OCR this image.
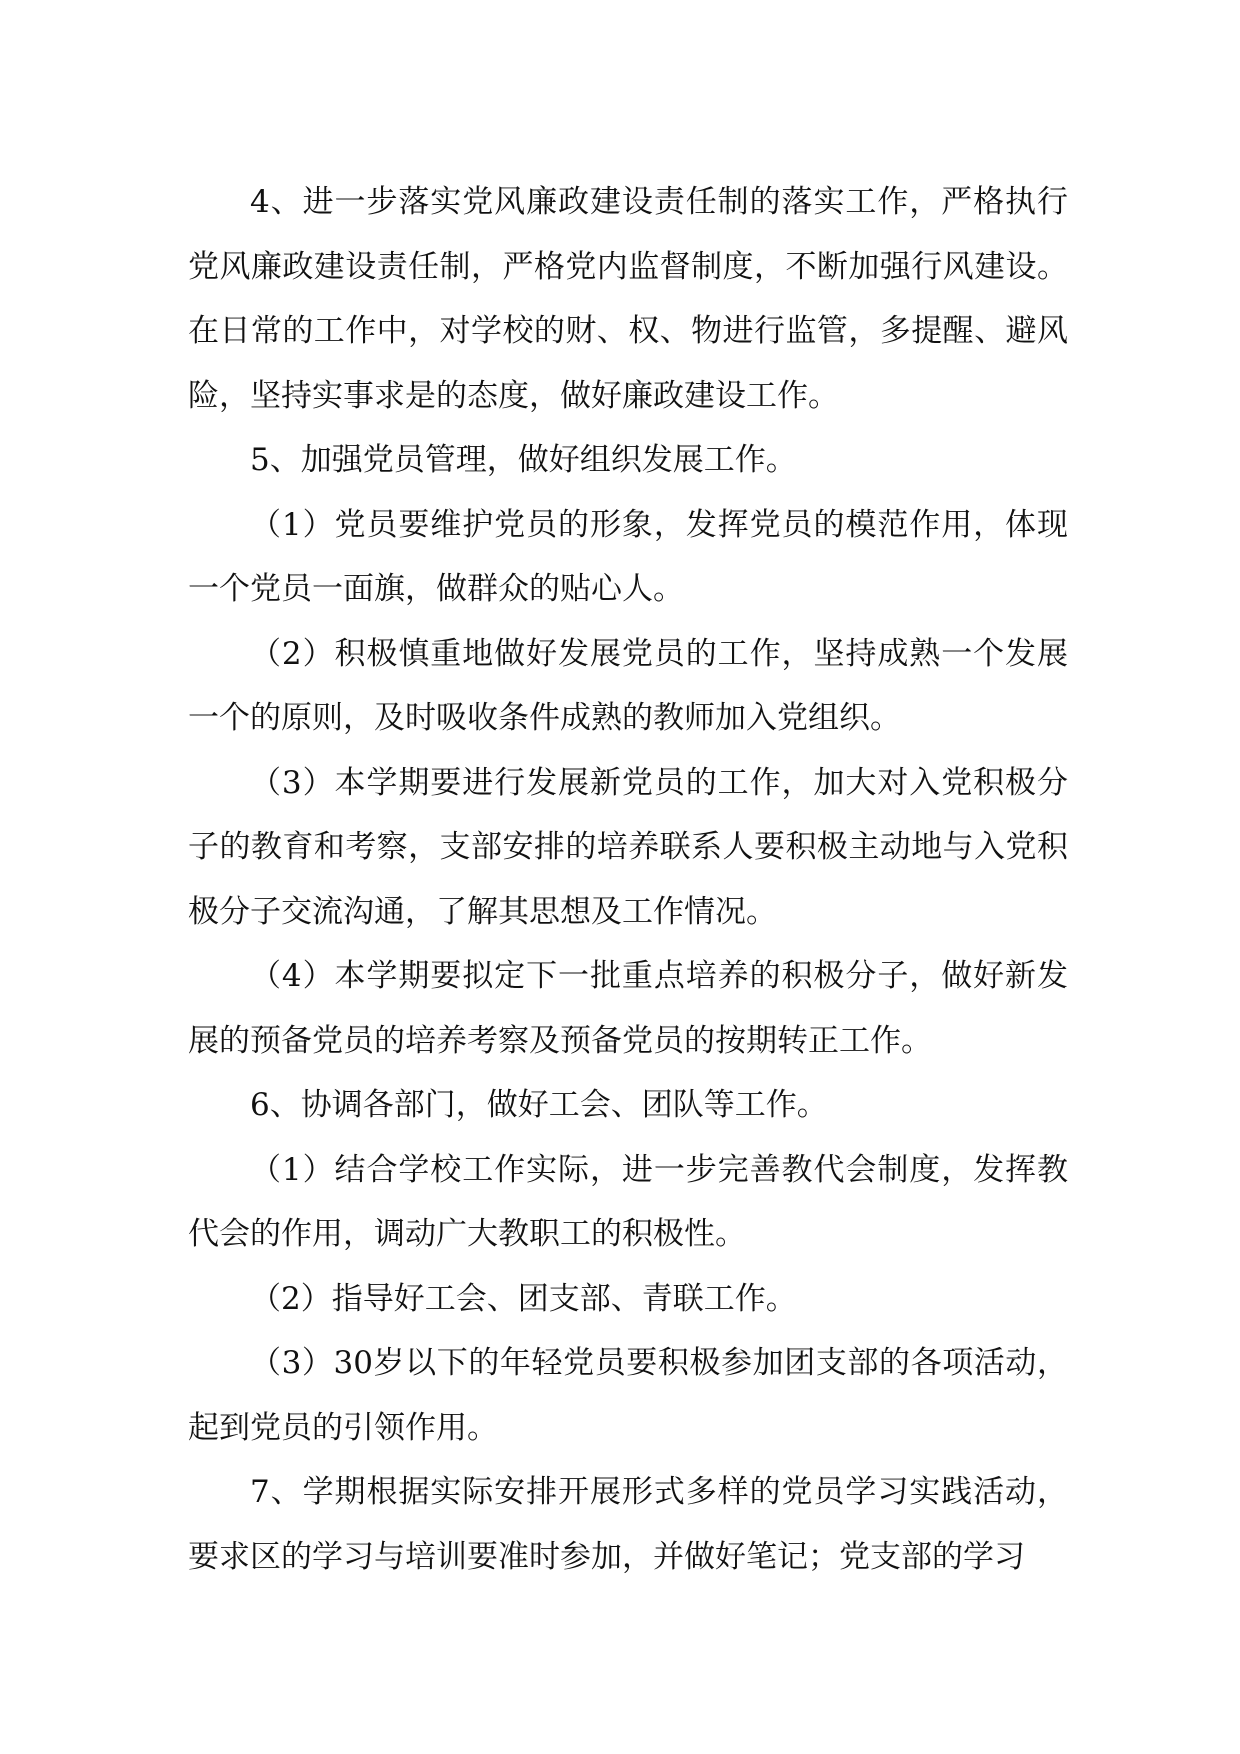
4、进一步落实党风廉政建设责任制的落实工作，严格执行党风廉政建设责任制，严格党内监督制度，不断加强行风建设。在日常的工作中，对学校的财、权、物进行监管，多提醒、避风险，坚持实事求是的态度，做好廉政建设工作。

5、加强党员管理，做好组织发展工作。

（1）党员要维护党员的形象，发挥党员的模范作用，体现一个党员一面旗，做群众的贴心人。

（2）积极慎重地做好发展党员的工作，坚持成熟一个发展一个的原则，及时吸收条件成熟的教师加入党组织。

（3）本学期要进行发展新党员的工作，加大对入党积极分子的教育和考察，支部安排的培养联系人要积极主动地与入党积极分子交流沟通，了解其思想及工作情况。

（4）本学期要拟定下一批重点培养的积极分子，做好新发展的预备党员的培养考察及预备党员的按期转正工作。

6、协调各部门，做好工会、团队等工作。

（1）结合学校工作实际，进一步完善教代会制度，发挥教代会的作用，调动广大教职工的积极性。

（2）指导好工会、团支部、青联工作。

（3）30岁以下的年轻党员要积极参加团支部的各项活动，起到党员的引领作用。

7、学期根据实际安排开展形式多样的党员学习实践活动，要求区的学习与培训要准时参加，并做好笔记；党支部的学习
